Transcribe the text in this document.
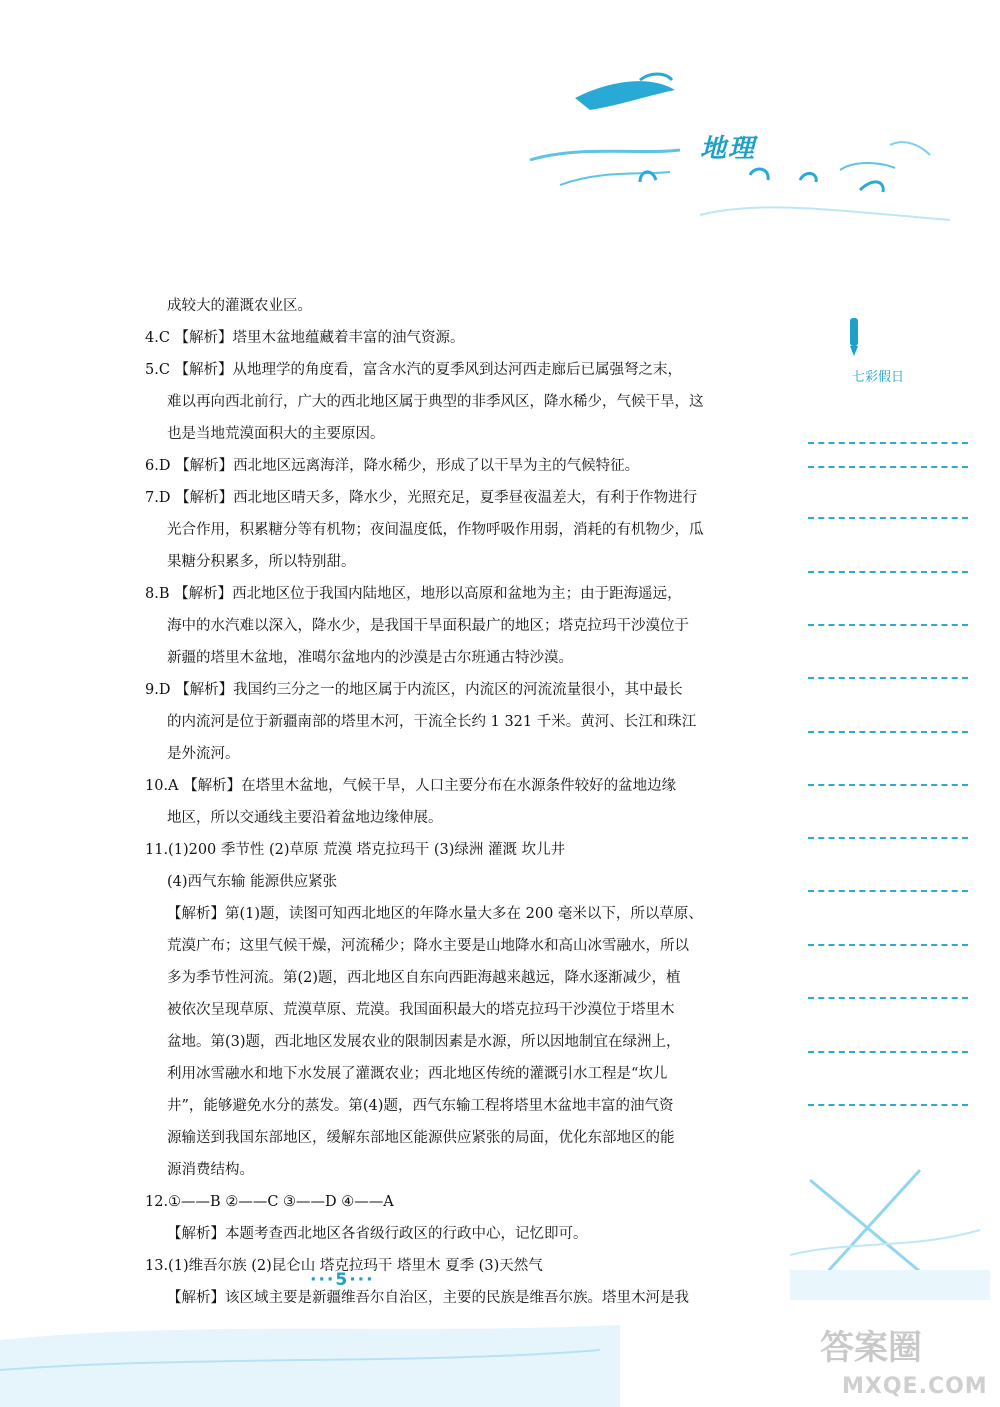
地理
七彩假日
成较大的灌溉农业区。
4.C 【解析】塔里木盆地蕴藏着丰富的油气资源。
5.C 【解析】从地理学的角度看，富含水汽的夏季风到达河西走廊后已属强弩之末，
难以再向西北前行，广大的西北地区属于典型的非季风区，降水稀少，气候干旱，这
也是当地荒漠面积大的主要原因。
6.D 【解析】西北地区远离海洋，降水稀少，形成了以干旱为主的气候特征。
7.D 【解析】西北地区晴天多，降水少，光照充足，夏季昼夜温差大，有利于作物进行
光合作用，积累糖分等有机物；夜间温度低，作物呼吸作用弱，消耗的有机物少，瓜
果糖分积累多，所以特别甜。
8.B 【解析】西北地区位于我国内陆地区，地形以高原和盆地为主；由于距海遥远，
海中的水汽难以深入，降水少，是我国干旱面积最广的地区；塔克拉玛干沙漠位于
新疆的塔里木盆地，准噶尔盆地内的沙漠是古尔班通古特沙漠。
9.D 【解析】我国约三分之一的地区属于内流区，内流区的河流流量很小，其中最长
的内流河是位于新疆南部的塔里木河，干流全长约 1 321 千米。黄河、长江和珠江
是外流河。
10.A 【解析】在塔里木盆地，气候干旱，人口主要分布在水源条件较好的盆地边缘
地区，所以交通线主要沿着盆地边缘伸展。
11.(1)200 季节性 (2)草原 荒漠 塔克拉玛干 (3)绿洲 灌溉 坎儿井
(4)西气东输 能源供应紧张
【解析】第(1)题，读图可知西北地区的年降水量大多在 200 毫米以下，所以草原、
荒漠广布；这里气候干燥，河流稀少；降水主要是山地降水和高山冰雪融水，所以
多为季节性河流。第(2)题，西北地区自东向西距海越来越远，降水逐渐减少，植
被依次呈现草原、荒漠草原、荒漠。我国面积最大的塔克拉玛干沙漠位于塔里木
盆地。第(3)题，西北地区发展农业的限制因素是水源，所以因地制宜在绿洲上，
利用冰雪融水和地下水发展了灌溉农业；西北地区传统的灌溉引水工程是“坎儿
井”，能够避免水分的蒸发。第(4)题，西气东输工程将塔里木盆地丰富的油气资
源输送到我国东部地区，缓解东部地区能源供应紧张的局面，优化东部地区的能
源消费结构。
12.①——B ②——C ③——D ④——A
【解析】本题考查西北地区各省级行政区的行政中心，记忆即可。
13.(1)维吾尔族 (2)昆仑山 塔克拉玛干 塔里木 夏季 (3)天然气
【解析】该区域主要是新疆维吾尔自治区，主要的民族是维吾尔族。塔里木河是我
···5···
答案圈
MXQE.COM
